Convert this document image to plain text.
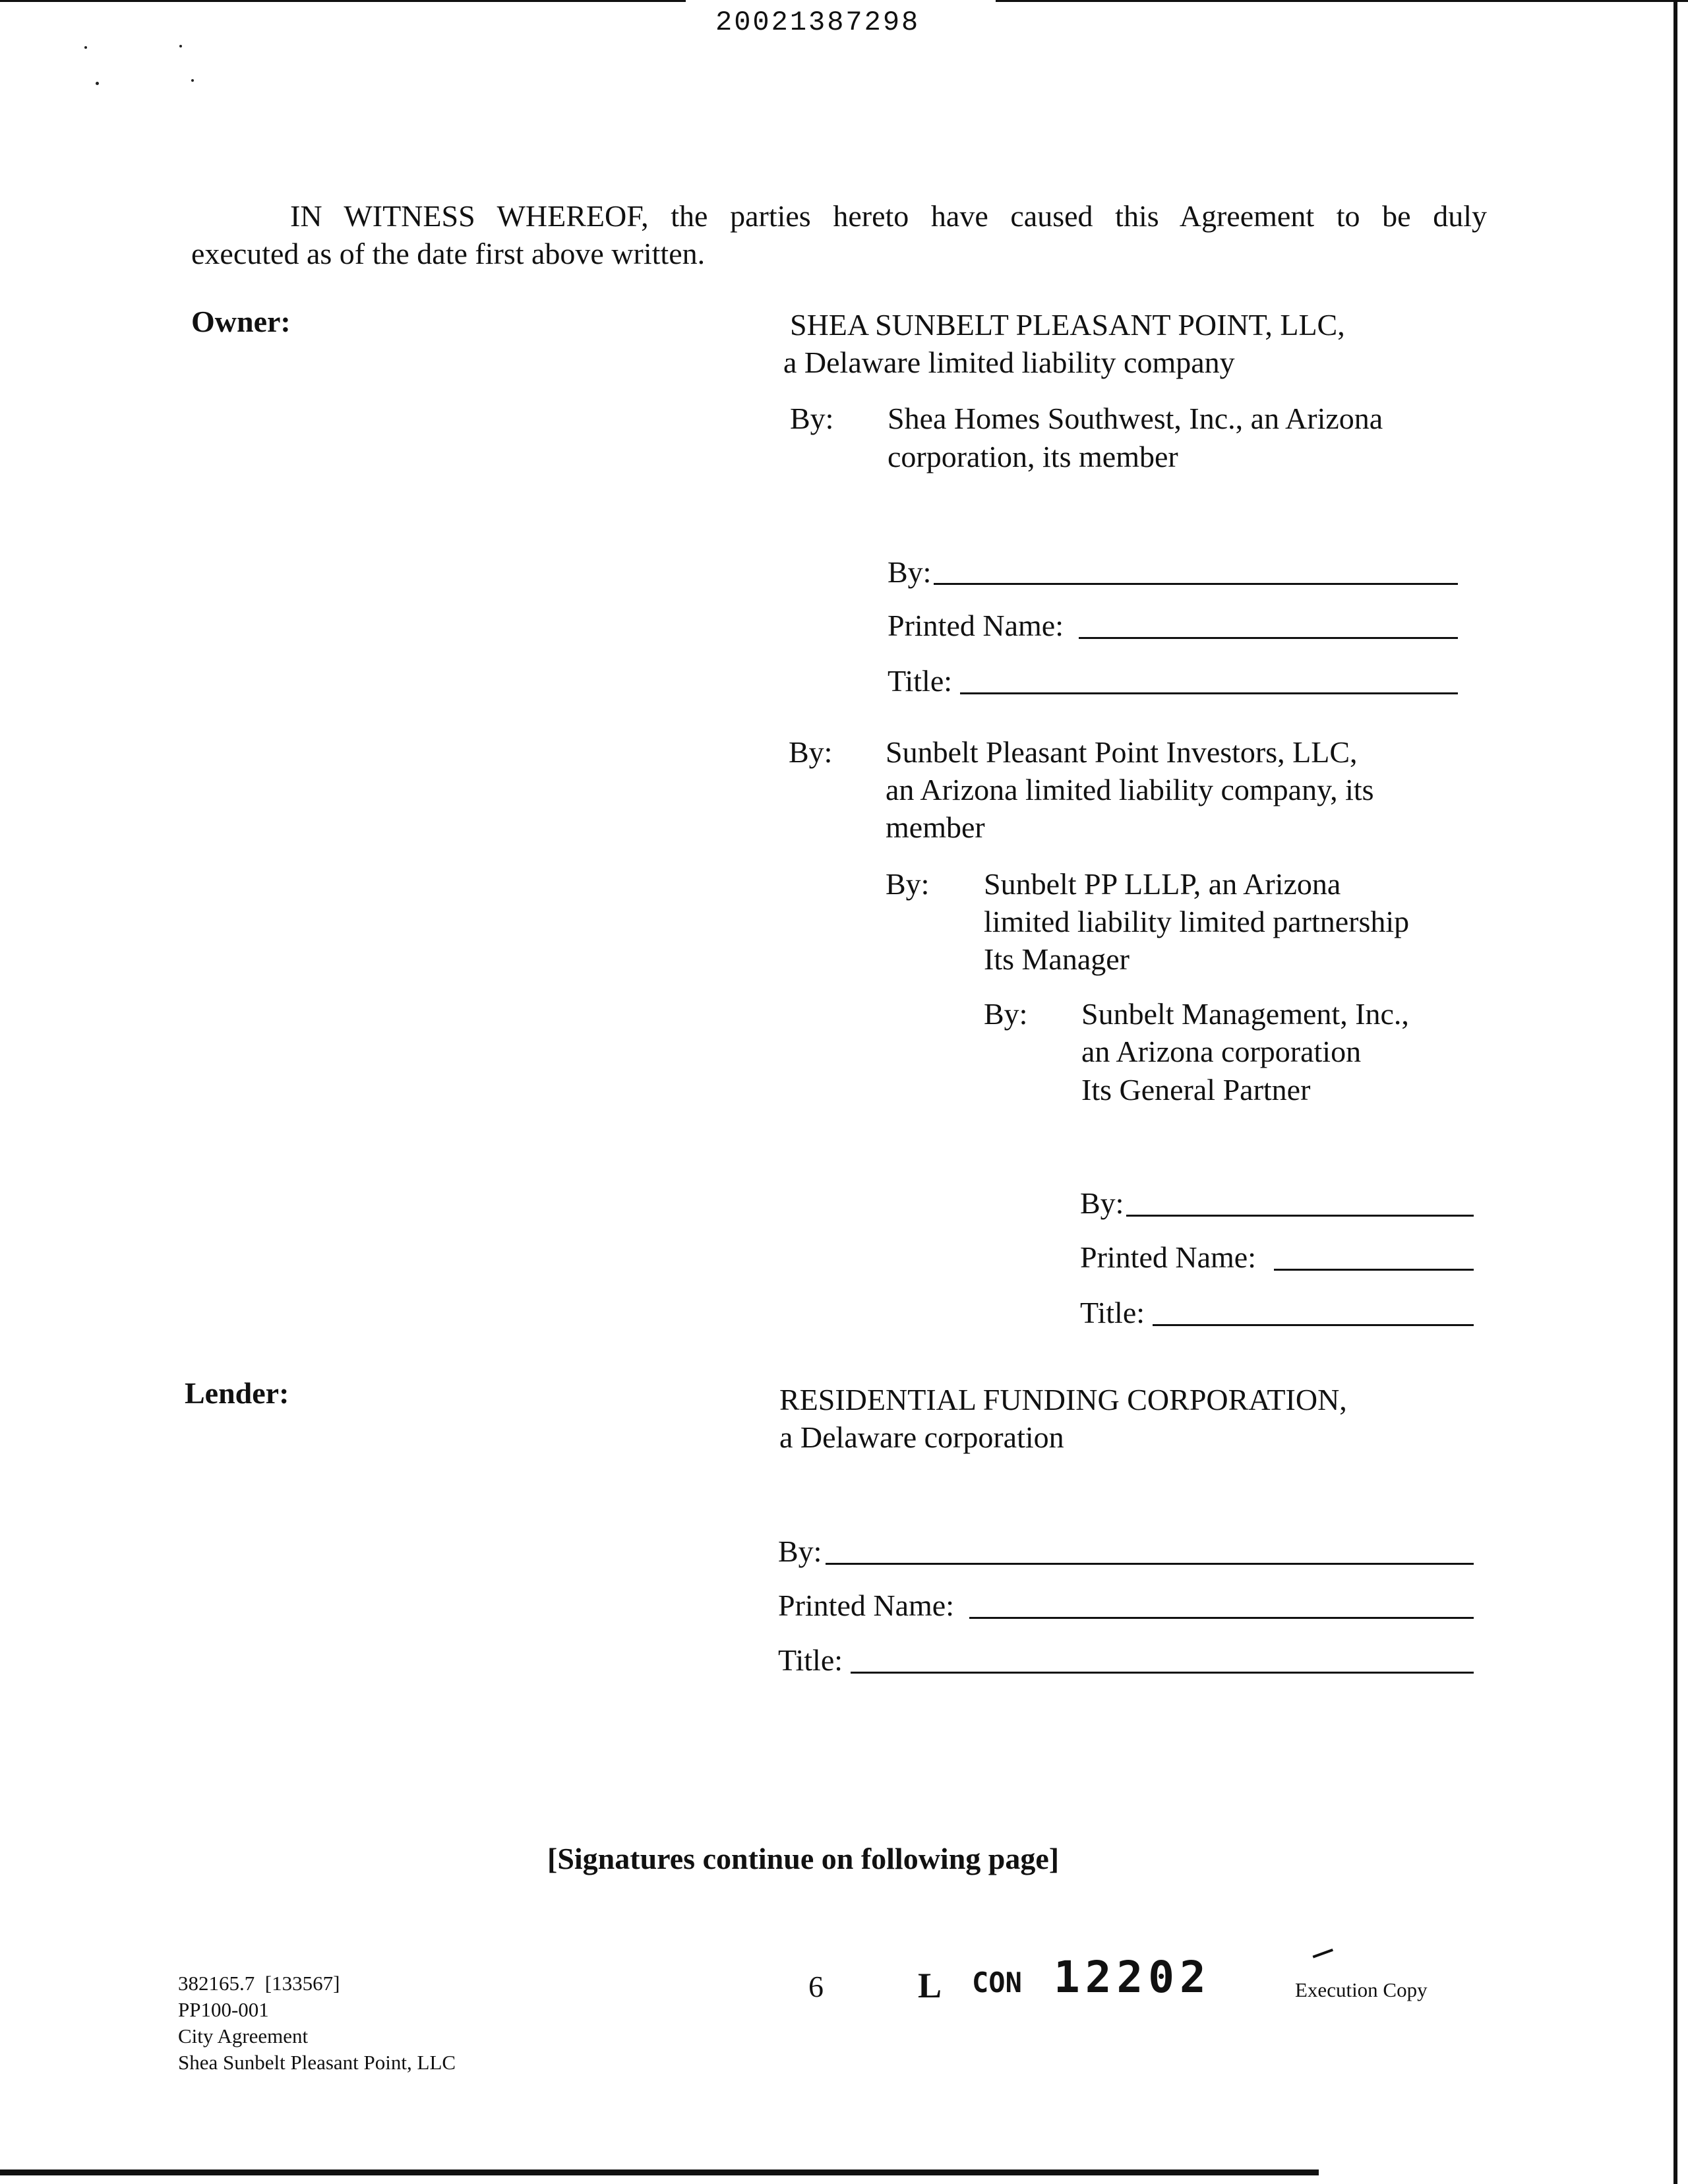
20021387298
IN WITNESS WHEREOF, the parties hereto have caused this Agreement to be duly
executed as of the date first above written.
Owner:	SHEA SUNBELT PLEASANT POINT, LLC,
a Delaware limited liability company
By: Shea Homes Southwest, Inc., an Arizona
corporation, its member
By:
Printed Name:
Title:
By: Sunbelt Pleasant Point Investors, LLC,
an Arizona limited liability company, its
member
By: Sunbelt PP LLLP, an Arizona
limited liability limited partnership
Its Manager
By: Sunbelt Management, Inc.,
an Arizona corporation
Its General Partner
By:
Printed Name:
Title:
Lender:	RESIDENTIAL FUNDING CORPORATION,
a Delaware corporation
By:
Printed Name:
Title:
[Signatures continue on following page]
382165.7  [133567]
PP100-001
City Agreement
Shea Sunbelt Pleasant Point, LLC
6	L CON 12202	Execution Copy
